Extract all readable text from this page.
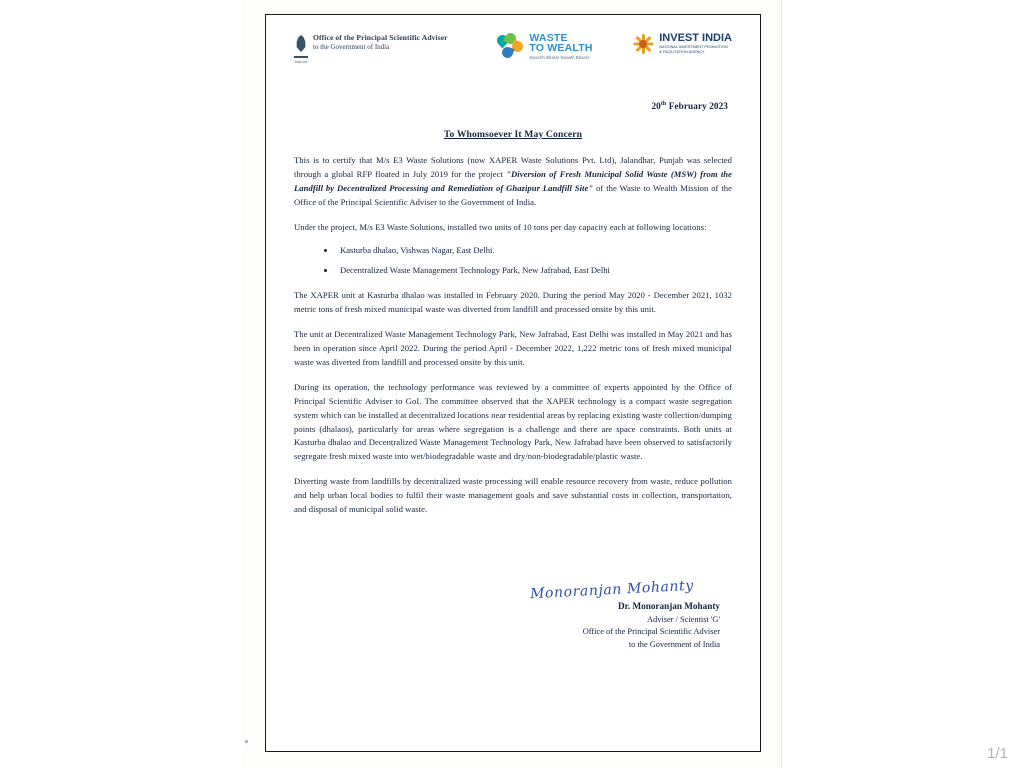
सत्यमेव जयते
Office of the Principal Scientific Adviser
to the Government of India
WASTE
TO WEALTH
Swachh Bharat Swasth Bharat
INVEST INDIA
NATIONAL INVESTMENT PROMOTION
& FACILITATION AGENCY
20th February 2023
To Whomsoever It May Concern

This is to certify that M/s E3 Waste Solutions (now XAPER Waste Solutions Pvt. Ltd), Jalandhar, Punjab was selected through a global RFP floated in July 2019 for the project "Diversion of Fresh Municipal Solid Waste (MSW) from the Landfill by Decentralized Processing and Remediation of Ghazipur Landfill Site" of the Waste to Wealth Mission of the Office of the Principal Scientific Adviser to the Government of India.

Under the project, M/s E3 Waste Solutions, installed two units of 10 tons per day capacity each at following locations:

Kasturba dhalao, Vishwas Nagar, East Delhi.
Decentralized Waste Management Technology Park, New Jafrabad, East Delhi

The XAPER unit at Kasturba dhalao was installed in February 2020. During the period May 2020 - December 2021, 1032 metric tons of fresh mixed municipal waste was diverted from landfill and processed onsite by this unit.

The unit at Decentralized Waste Management Technology Park, New Jafrabad, East Delhi was installed in May 2021 and has been in operation since April 2022. During the period April - December 2022, 1,222 metric tons of fresh mixed municipal waste was diverted from landfill and processed onsite by this unit.

During its operation, the technology performance was reviewed by a committee of experts appointed by the Office of Principal Scientific Adviser to GoI. The committee observed that the XAPER technology is a compact waste segregation system which can be installed at decentralized locations near residential areas by replacing existing waste collection/dumping points (dhalaos), particularly for areas where segregation is a challenge and there are space constraints. Both units at Kasturba dhalao and Decentralized Waste Management Technology Park, New Jafrabad have been observed to satisfactorily segregate fresh mixed waste into wet/biodegradable waste and dry/non-biodegradable/plastic waste.

Diverting waste from landfills by decentralized waste processing will enable resource recovery from waste, reduce pollution and help urban local bodies to fulfil their waste management goals and save substantial costs in collection, transportation, and disposal of municipal solid waste.

Monoranjan Mohanty
Dr. Monoranjan Mohanty
Adviser / Scientist 'G'
Office of the Principal Scientific Adviser
to the Government of India
1/1
